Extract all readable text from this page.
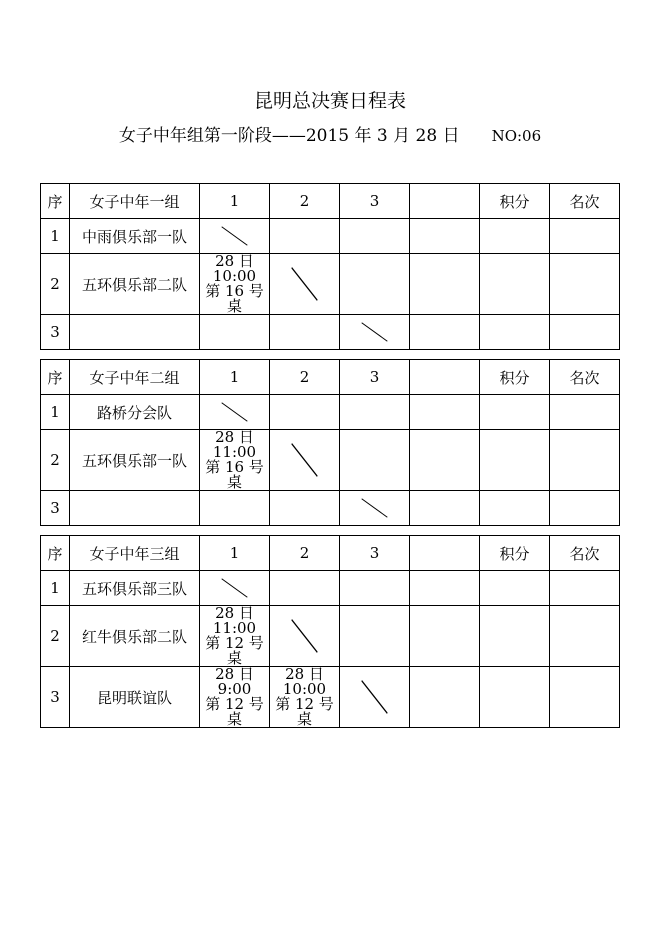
昆明总决赛日程表
女子中年组第一阶段——2015 年 3 月 28 日 NO:06
序	女子中年一组	1	2	3		积分	名次
1	中雨俱乐部一队	

2	五环俱乐部二队	28 日 10:00
第 16 号桌

3				

序	女子中年二组	1	2	3		积分	名次
1	路桥分会队	

2	五环俱乐部一队	28 日 11:00
第 16 号桌

3				

序	女子中年三组	1	2	3		积分	名次
1	五环俱乐部三队	

2	红牛俱乐部二队	28 日 11:00
第 12 号桌

3	昆明联谊队	28 日 9:00
第 12 号桌	28 日 10:00
第 12 号桌
